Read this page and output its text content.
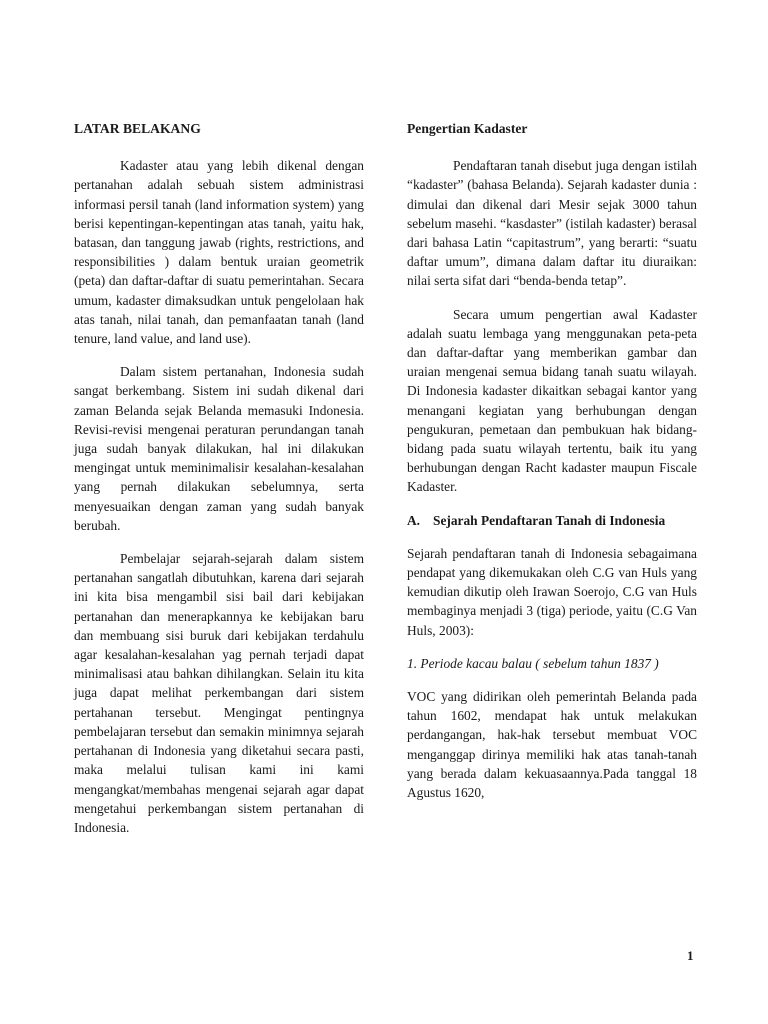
LATAR BELAKANG

Kadaster atau yang lebih dikenal dengan pertanahan adalah sebuah sistem administrasi informasi persil tanah (land information system) yang berisi kepentingan-kepentingan atas tanah, yaitu hak, batasan, dan tanggung jawab (rights, restrictions, and responsibilities ) dalam bentuk uraian geometrik (peta) dan daftar-daftar di suatu pemerintahan. Secara umum, kadaster dimaksudkan untuk pengelolaan hak atas tanah, nilai tanah, dan pemanfaatan tanah (land tenure, land value, and land use).

Dalam sistem pertanahan, Indonesia sudah sangat berkembang. Sistem ini sudah dikenal dari zaman Belanda sejak Belanda memasuki Indonesia. Revisi-revisi mengenai peraturan perundangan tanah juga sudah banyak dilakukan, hal ini dilakukan mengingat untuk meminimalisir kesalahan-kesalahan yang pernah dilakukan sebelumnya, serta menyesuaikan dengan zaman yang sudah banyak berubah.

Pembelajar sejarah-sejarah dalam sistem pertanahan sangatlah dibutuhkan, karena dari sejarah ini kita bisa mengambil sisi bail dari kebijakan pertanahan dan menerapkannya ke kebijakan baru dan membuang sisi buruk dari kebijakan terdahulu agar kesalahan-kesalahan yag pernah terjadi dapat minimalisasi atau bahkan dihilangkan. Selain itu kita juga dapat melihat perkembangan dari sistem pertahanan tersebut. Mengingat pentingnya pembelajaran tersebut dan semakin minimnya sejarah pertahanan di Indonesia yang diketahui secara pasti, maka melalui tulisan kami ini kami mengangkat/membahas mengenai sejarah agar dapat mengetahui perkembangan sistem pertanahan di Indonesia.

Pengertian Kadaster

Pendaftaran tanah disebut juga dengan istilah “kadaster” (bahasa Belanda). Sejarah kadaster dunia : dimulai dan dikenal dari Mesir sejak 3000 tahun sebelum masehi. “kasdaster” (istilah kadaster) berasal dari bahasa Latin “capitastrum”, yang berarti: “suatu daftar umum”, dimana dalam daftar itu diuraikan: nilai serta sifat dari “benda-benda tetap”.

Secara umum pengertian awal Kadaster adalah suatu lembaga yang menggunakan peta-peta dan daftar-daftar yang memberikan gambar dan uraian mengenai semua bidang tanah suatu wilayah. Di Indonesia kadaster dikaitkan sebagai kantor yang menangani kegiatan yang berhubungan dengan pengukuran, pemetaan dan pembukuan hak bidang-bidang pada suatu wilayah tertentu, baik itu yang berhubungan dengan Racht kadaster maupun Fiscale Kadaster.

A. Sejarah Pendaftaran Tanah di Indonesia

Sejarah pendaftaran tanah di Indonesia sebagaimana pendapat yang dikemukakan oleh C.G van Huls yang kemudian dikutip oleh Irawan Soerojo, C.G van Huls membaginya menjadi 3 (tiga) periode, yaitu (C.G Van Huls, 2003):

1. Periode kacau balau ( sebelum tahun 1837 )

VOC yang didirikan oleh pemerintah Belanda pada tahun 1602, mendapat hak untuk melakukan perdangangan, hak-hak tersebut membuat VOC menganggap dirinya memiliki hak atas tanah-tanah yang berada dalam kekuasaannya.Pada tanggal 18 Agustus 1620,

1
